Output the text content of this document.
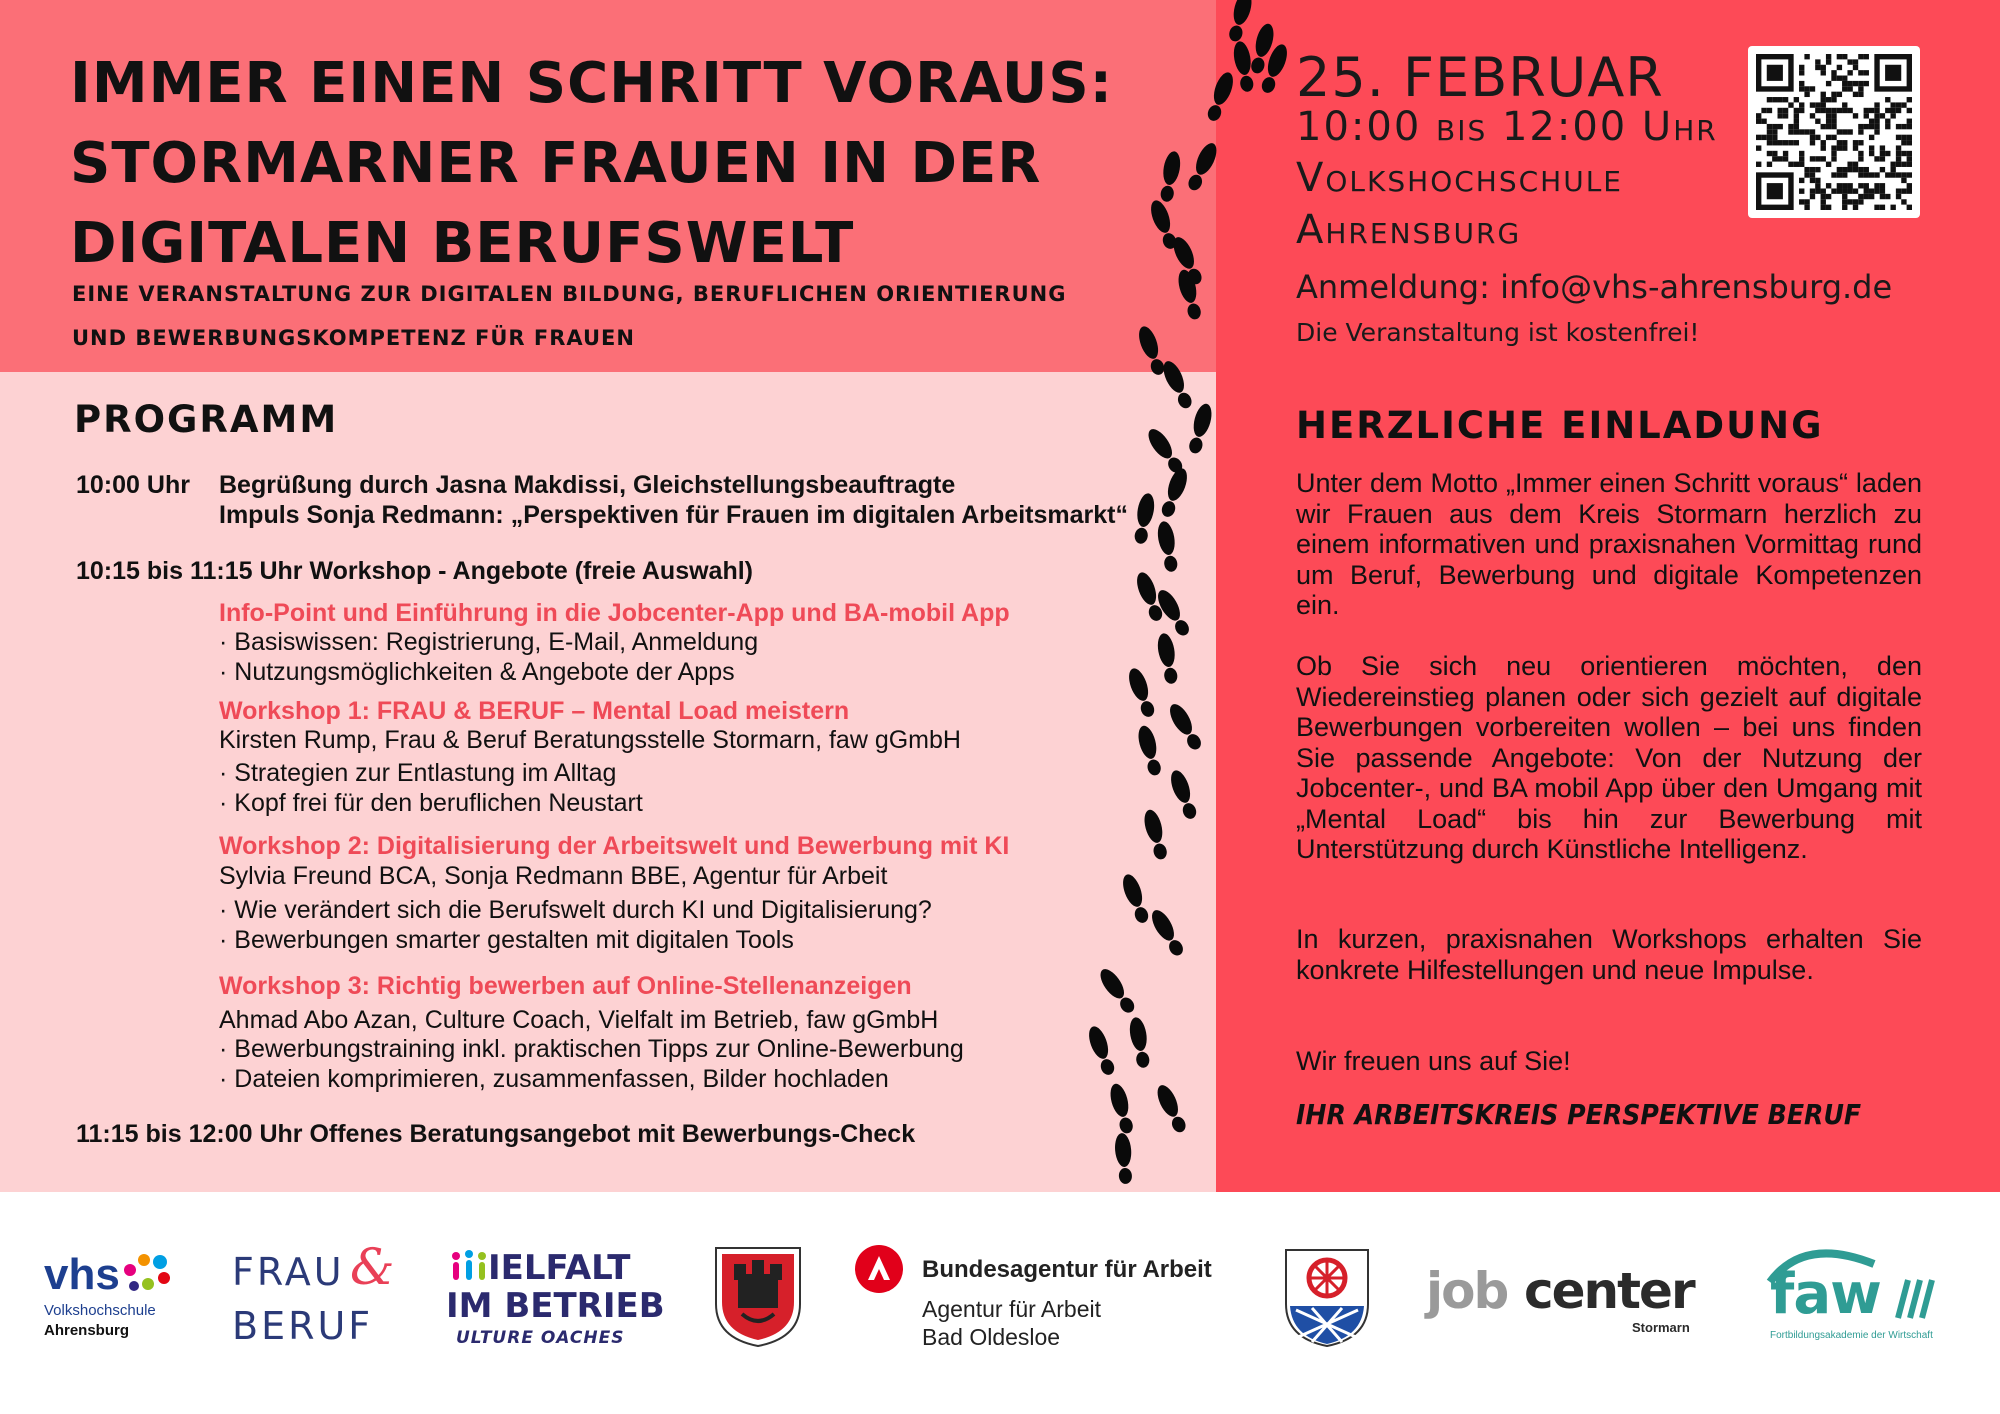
IMMER EINEN SCHRITT VORAUS:
STORMARNER FRAUEN IN DER
DIGITALEN BERUFSWELT
EINE VERANSTALTUNG ZUR DIGITALEN BILDUNG, BERUFLICHEN ORIENTIERUNG
UND BEWERBUNGSKOMPETENZ FÜR FRAUEN
PROGRAMM
10:00 Uhr Begrüßung durch Jasna Makdissi, Gleichstellungsbeauftragte
Impuls Sonja Redmann: „Perspektiven für Frauen im digitalen Arbeitsmarkt“
10:15 bis 11:15 Uhr Workshop - Angebote (freie Auswahl)
Info-Point und Einführung in die Jobcenter-App und BA-mobil App
· Basiswissen: Registrierung, E-Mail, Anmeldung
· Nutzungsmöglichkeiten & Angebote der Apps
Workshop 1: FRAU & BERUF – Mental Load meistern
Kirsten Rump, Frau & Beruf Beratungsstelle Stormarn, faw gGmbH
· Strategien zur Entlastung im Alltag
· Kopf frei für den beruflichen Neustart
Workshop 2: Digitalisierung der Arbeitswelt und Bewerbung mit KI
Sylvia Freund BCA, Sonja Redmann BBE, Agentur für Arbeit
· Wie verändert sich die Berufswelt durch KI und Digitalisierung?
· Bewerbungen smarter gestalten mit digitalen Tools
Workshop 3: Richtig bewerben auf Online-Stellenanzeigen
Ahmad Abo Azan, Culture Coach, Vielfalt im Betrieb, faw gGmbH
· Bewerbungstraining inkl. praktischen Tipps zur Online-Bewerbung
· Dateien komprimieren, zusammenfassen, Bilder hochladen
11:15 bis 12:00 Uhr Offenes Beratungsangebot mit Bewerbungs-Check
25. FEBRUAR
10:00 bis 12:00 Uhr
Volkshochschule
Ahrensburg
Anmeldung: info@vhs-ahrensburg.de
Die Veranstaltung ist kostenfrei!
HERZLICHE EINLADUNG

Unter dem Motto „Immer einen Schritt voraus“ laden wir Frauen aus dem Kreis Stormarn herzlich zu einem informativen und praxisnahen Vormittag rund um Beruf, Bewerbung und digitale Kompetenzen ein.

Ob Sie sich neu orientieren möchten, den Wiedereinstieg planen oder sich gezielt auf digitale Bewerbungen vorbereiten wollen – bei uns finden Sie passende Angebote: Von der Nutzung der Jobcenter-, und BA mobil App über den Umgang mit „Mental Load“ bis hin zur Bewerbung mit Unterstützung durch Künstliche Intelligenz.

In kurzen, praxisnahen Workshops erhalten Sie konkrete Hilfestellungen und neue Impulse.

Wir freuen uns auf Sie!

IHR ARBEITSKREIS PERSPEKTIVE BERUF
vhs
Volkshochschule
Ahrensburg
FRAU &
BERUF
IELFALT
IM BETRIEB
ULTURE OACHES
Bundesagentur für Arbeit
Agentur für Arbeit
Bad Oldesloe
job center
Stormarn
faw
Fortbildungsakademie der Wirtschaft
